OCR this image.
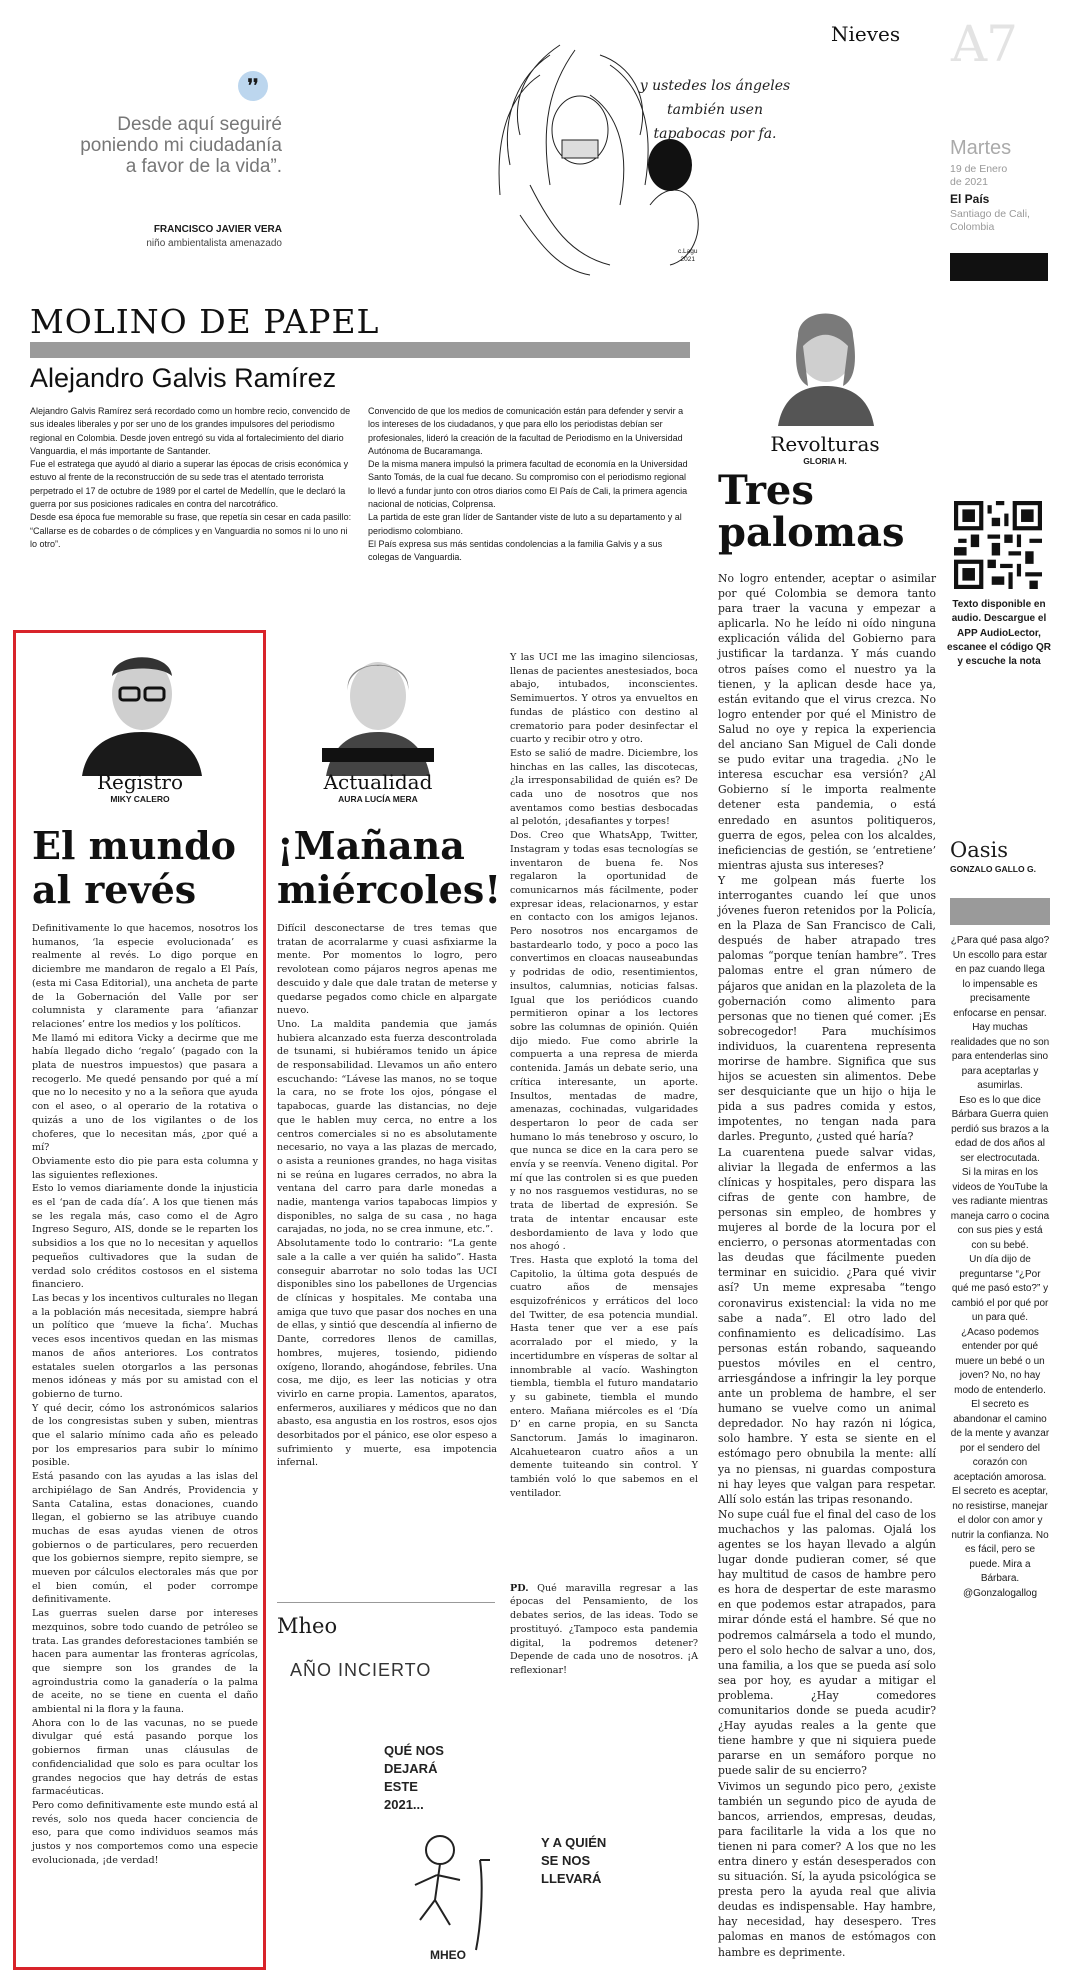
❜❜
Desde aquí seguiré poniendo mi ciudadanía a favor de la vida”.
FRANCISCO JAVIER VERA
niño ambientalista amenazado
y ustedes los ángeles también usen tapabocas por fa.
c.Lagu
2021
Nieves A7
Martes
19 de Enero
de 2021
El País
Santiago de Cali,
Colombia
MOLINO DE PAPEL
Alejandro Galvis Ramírez
Alejandro Galvis Ramírez será recordado como un hombre recio, convencido de sus ideales liberales y por ser uno de los grandes impulsores del periodismo regional en Colombia. Desde joven entregó su vida al fortalecimiento del diario Vanguardia, el más importante de Santander.
Fue el estratega que ayudó al diario a superar las épocas de crisis económica y estuvo al frente de la reconstrucción de su sede tras el atentado terrorista perpetrado el 17 de octubre de 1989 por el cartel de Medellín, que le declaró la guerra por sus posiciones radicales en contra del narcotráfico.
Desde esa época fue memorable su frase, que repetía sin cesar en cada pasillo: “Callarse es de cobardes o de cómplices y en Vanguardia no somos ni lo uno ni lo otro”.
Convencido de que los medios de comunicación están para defender y servir a los intereses de los ciudadanos, y que para ello los periodistas debían ser profesionales, lideró la creación de la facultad de Periodismo en la Universidad Autónoma de Bucaramanga.
De la misma manera impulsó la primera facultad de economía en la Universidad Santo Tomás, de la cual fue decano. Su compromiso con el periodismo regional lo llevó a fundar junto con otros diarios como El País de Cali, la primera agencia nacional de noticias, Colprensa.
La partida de este gran líder de Santander viste de luto a su departamento y al periodismo colombiano.
El País expresa sus más sentidas condolencias a la familia Galvis y a sus colegas de Vanguardia.
Revolturas
GLORIA H.
Tres
palomas
No logro entender, aceptar o asimilar por qué Colombia se demora tanto para traer la vacuna y empezar a aplicarla. No he leído ni oído ninguna explicación válida del Gobierno para justificar la tardanza. Y más cuando otros países como el nuestro ya la tienen, y la aplican desde hace ya, están evitando que el virus crezca. No logro entender por qué el Ministro de Salud no oye y repica la experiencia del anciano San Miguel de Cali donde se pudo evitar una tragedia. ¿No le interesa escuchar esa versión? ¿Al Gobierno sí le importa realmente detener esta pandemia, o está enredado en asuntos politiqueros, guerra de egos, pelea con los alcaldes, ineficiencias de gestión, se ‘entretiene’ mientras ajusta sus intereses?
Y me golpean más fuerte los interrogantes cuando leí que unos jóvenes fueron retenidos por la Policía, en la Plaza de San Francisco de Cali, después de haber atrapado tres palomas “porque tenían hambre”. Tres palomas entre el gran número de pájaros que anidan en la plazoleta de la gobernación como alimento para personas que no tienen qué comer. ¡Es sobrecogedor! Para muchísimos individuos, la cuarentena representa morirse de hambre. Significa que sus hijos se acuesten sin alimentos. Debe ser desquiciante que un hijo o hija le pida a sus padres comida y estos, impotentes, no tengan nada para darles. Pregunto, ¿usted qué haría?
La cuarentena puede salvar vidas, aliviar la llegada de enfermos a las clínicas y hospitales, pero dispara las cifras de gente con hambre, de personas sin empleo, de hombres y mujeres al borde de la locura por el encierro, o personas atormentadas con las deudas que fácilmente pueden terminar en suicidio. ¿Para qué vivir así? Un meme expresaba “tengo coronavirus existencial: la vida no me sabe a nada”. El otro lado del confinamiento es delicadísimo. Las personas están robando, saqueando puestos móviles en el centro, arriesgándose a infringir la ley porque ante un problema de hambre, el ser humano se vuelve como un animal depredador. No hay razón ni lógica, solo hambre. Y esta se siente en el estómago pero obnubila la mente: allí ya no piensas, ni guardas compostura ni hay leyes que valgan para respetar. Allí solo están las tripas resonando.
No supe cuál fue el final del caso de los muchachos y las palomas. Ojalá los agentes se los hayan llevado a algún lugar donde pudieran comer, sé que hay multitud de casos de hambre pero es hora de despertar de este marasmo en que podemos estar atrapados, para mirar dónde está el hambre. Sé que no podremos calmársela a todo el mundo, pero el solo hecho de salvar a uno, dos, una familia, a los que se pueda así solo sea por hoy, es ayudar a mitigar el problema. ¿Hay comedores comunitarios donde se pueda acudir? ¿Hay ayudas reales a la gente que tiene hambre y que ni siquiera puede pararse en un semáforo porque no puede salir de su encierro?
Vivimos un segundo pico pero, ¿existe también un segundo pico de ayuda de bancos, arriendos, empresas, deudas, para facilitarle la vida a los que no tienen ni para comer? A los que no les entra dinero y están desesperados con su situación. Sí, la ayuda psicológica se presta pero la ayuda real que alivia deudas es indispensable. Hay hambre, hay necesidad, hay desespero. Tres palomas en manos de estómagos con hambre es deprimente.
Texto disponible en audio. Descargue el APP AudioLector, escanee el código QR y escuche la nota
Oasis
GONZALO GALLO G.
¿Para qué pasa algo?
Un escollo para estar en paz cuando llega lo impensable es precisamente enfocarse en pensar.
Hay muchas realidades que no son para entenderlas sino para aceptarlas y asumirlas.
Eso es lo que dice Bárbara Guerra quien perdió sus brazos a la edad de dos años al ser electrocutada.
Si la miras en los videos de YouTube la ves radiante mientras maneja carro o cocina con sus pies y está con su bebé.
Un día dijo de preguntarse “¿Por qué me pasó esto?” y cambió el por qué por un para qué.
¿Acaso podemos entender por qué muere un bebé o un joven? No, no hay modo de entenderlo.
El secreto es abandonar el camino de la mente y avanzar por el sendero del corazón con aceptación amorosa.
El secreto es aceptar, no resistirse, manejar el dolor con amor y nutrir la confianza. No es fácil, pero se puede. Mira a Bárbara.
@Gonzalogallog
Registro
MIKY CALERO
El mundo
al revés
Definitivamente lo que hacemos, nosotros los humanos, ‘la especie evolucionada’ es realmente al revés. Lo digo porque en diciembre me mandaron de regalo a El País, (esta mi Casa Editorial), una ancheta de parte de la Gobernación del Valle por ser columnista y claramente para ‘afianzar relaciones’ entre los medios y los políticos.
Me llamó mi editora Vicky a decirme que me había llegado dicho ‘regalo’ (pagado con la plata de nuestros impuestos) que pasara a recogerlo. Me quedé pensando por qué a mí que no lo necesito y no a la señora que ayuda con el aseo, o al operario de la rotativa o quizás a uno de los vigilantes o de los choferes, que lo necesitan más, ¿por qué a mí?
Obviamente esto dio pie para esta columna y las siguientes reflexiones.
Esto lo vemos diariamente donde la injusticia es el ‘pan de cada día’. A los que tienen más se les regala más, caso como el de Agro Ingreso Seguro, AIS, donde se le reparten los subsidios a los que no lo necesitan y aquellos pequeños cultivadores que la sudan de verdad solo créditos costosos en el sistema financiero.
Las becas y los incentivos culturales no llegan a la población más necesitada, siempre habrá un político que ‘mueve la ficha’. Muchas veces esos incentivos quedan en las mismas manos de años anteriores. Los contratos estatales suelen otorgarlos a las personas menos idóneas y más por su amistad con el gobierno de turno.
Y qué decir, cómo los astronómicos salarios de los congresistas suben y suben, mientras que el salario mínimo cada año es peleado por los empresarios para subir lo mínimo posible.
Está pasando con las ayudas a las islas del archipiélago de San Andrés, Providencia y Santa Catalina, estas donaciones, cuando llegan, el gobierno se las atribuye cuando muchas de esas ayudas vienen de otros gobiernos o de particulares, pero recuerden que los gobiernos siempre, repito siempre, se mueven por cálculos electorales más que por el bien común, el poder corrompe definitivamente.
Las guerras suelen darse por intereses mezquinos, sobre todo cuando de petróleo se trata. Las grandes deforestaciones también se hacen para aumentar las fronteras agrícolas, que siempre son los grandes de la agroindustria como la ganadería o la palma de aceite, no se tiene en cuenta el daño ambiental ni la flora y la fauna.
Ahora con lo de las vacunas, no se puede divulgar qué está pasando porque los gobiernos firman unas cláusulas de confidencialidad que solo es para ocultar los grandes negocios que hay detrás de estas farmacéuticas.
Pero como definitivamente este mundo está al revés, solo nos queda hacer conciencia de eso, para que como individuos seamos más justos y nos comportemos como una especie evolucionada, ¡de verdad!
Actualidad
AURA LUCÍA MERA
¡Mañana
miércoles!
Difícil desconectarse de tres temas que tratan de acorralarme y cuasi asfixiarme la mente. Por momentos lo logro, pero revolotean como pájaros negros apenas me descuido y dale que dale tratan de meterse y quedarse pegados como chicle en alpargate nuevo.
Uno. La maldita pandemia que jamás hubiera alcanzado esta fuerza descontrolada de tsunami, si hubiéramos tenido un ápice de responsabilidad. Llevamos un año entero escuchando: “Lávese las manos, no se toque la cara, no se frote los ojos, póngase el tapabocas, guarde las distancias, no deje que le hablen muy cerca, no entre a los centros comerciales si no es absolutamente necesario, no vaya a las plazas de mercado, o asista a reuniones grandes, no haga visitas ni se reúna en lugares cerrados, no abra la ventana del carro para darle monedas a nadie, mantenga varios tapabocas limpios y disponibles, no salga de su casa , no haga carajadas, no joda, no se crea inmune, etc.”.
Absolutamente todo lo contrario: “La gente sale a la calle a ver quién ha salido”. Hasta conseguir abarrotar no solo todas las UCI disponibles sino los pabellones de Urgencias de clínicas y hospitales. Me contaba una amiga que tuvo que pasar dos noches en una de ellas, y sintió que descendía al infierno de Dante, corredores llenos de camillas, hombres, mujeres, tosiendo, pidiendo oxígeno, llorando, ahogándose, febriles. Una cosa, me dijo, es leer las noticias y otra vivirlo en carne propia. Lamentos, aparatos, enfermeros, auxiliares y médicos que no dan abasto, esa angustia en los rostros, esos ojos desorbitados por el pánico, ese olor espeso a sufrimiento y muerte, esa impotencia infernal.
Y las UCI me las imagino silenciosas, llenas de pacientes anestesiados, boca abajo, intubados, inconscientes. Semimuertos. Y otros ya envueltos en fundas de plástico con destino al crematorio para poder desinfectar el cuarto y recibir otro y otro.
Esto se salió de madre. Diciembre, los hinchas en las calles, las discotecas, ¿la irresponsabilidad de quién es? De cada uno de nosotros que nos aventamos como bestias desbocadas al pelotón, ¡desafiantes y torpes!
Dos. Creo que WhatsApp, Twitter, Instagram y todas esas tecnologías se inventaron de buena fe. Nos regalaron la oportunidad de comunicarnos más fácilmente, poder expresar ideas, relacionarnos, y estar en contacto con los amigos lejanos. Pero nosotros nos encargamos de bastardearlo todo, y poco a poco las convertimos en cloacas nauseabundas y podridas de odio, resentimientos, insultos, calumnias, noticias falsas. Igual que los periódicos cuando permitieron opinar a los lectores sobre las columnas de opinión. Quién dijo miedo. Fue como abrirle la compuerta a una represa de mierda contenida. Jamás un debate serio, una crítica interesante, un aporte. Insultos, mentadas de madre, amenazas, cochinadas, vulgaridades despertaron lo peor de cada ser humano lo más tenebroso y oscuro, lo que nunca se dice en la cara pero se envía y se reenvía. Veneno digital. Por mí que las controlen si es que pueden y no nos rasguemos vestiduras, no se trata de libertad de expresión. Se trata de intentar encausar este desbordamiento de lava y lodo que nos ahogó .
Tres. Hasta que explotó la toma del Capitolio, la última gota después de cuatro años de mensajes esquizofrénicos y erráticos del loco del Twitter, de esa potencia mundial. Hasta tener que ver a ese país acorralado por el miedo, y la incertidumbre en vísperas de soltar al innombrable al vacío. Washington tiembla, tiembla el futuro mandatario y su gabinete, tiembla el mundo entero. Mañana miércoles es el ‘Día D’ en carne propia, en su Sancta Sanctorum. Jamás lo imaginaron. Alcahuetearon cuatro años a un demente tuiteando sin control. Y también voló lo que sabemos en el ventilador.

PD. Qué maravilla regresar a las épocas del Pensamiento, de los debates serios, de las ideas. Todo se prostituyó. ¿Tampoco esta pandemia digital, la podremos detener? Depende de cada uno de nosotros. ¡A reflexionar!

Mheo
AÑO INCIERTO
QUÉ NOS
DEJARÁ
ESTE
2021...
Y A QUIÉN
SE NOS
LLEVARÁ
MHEO
